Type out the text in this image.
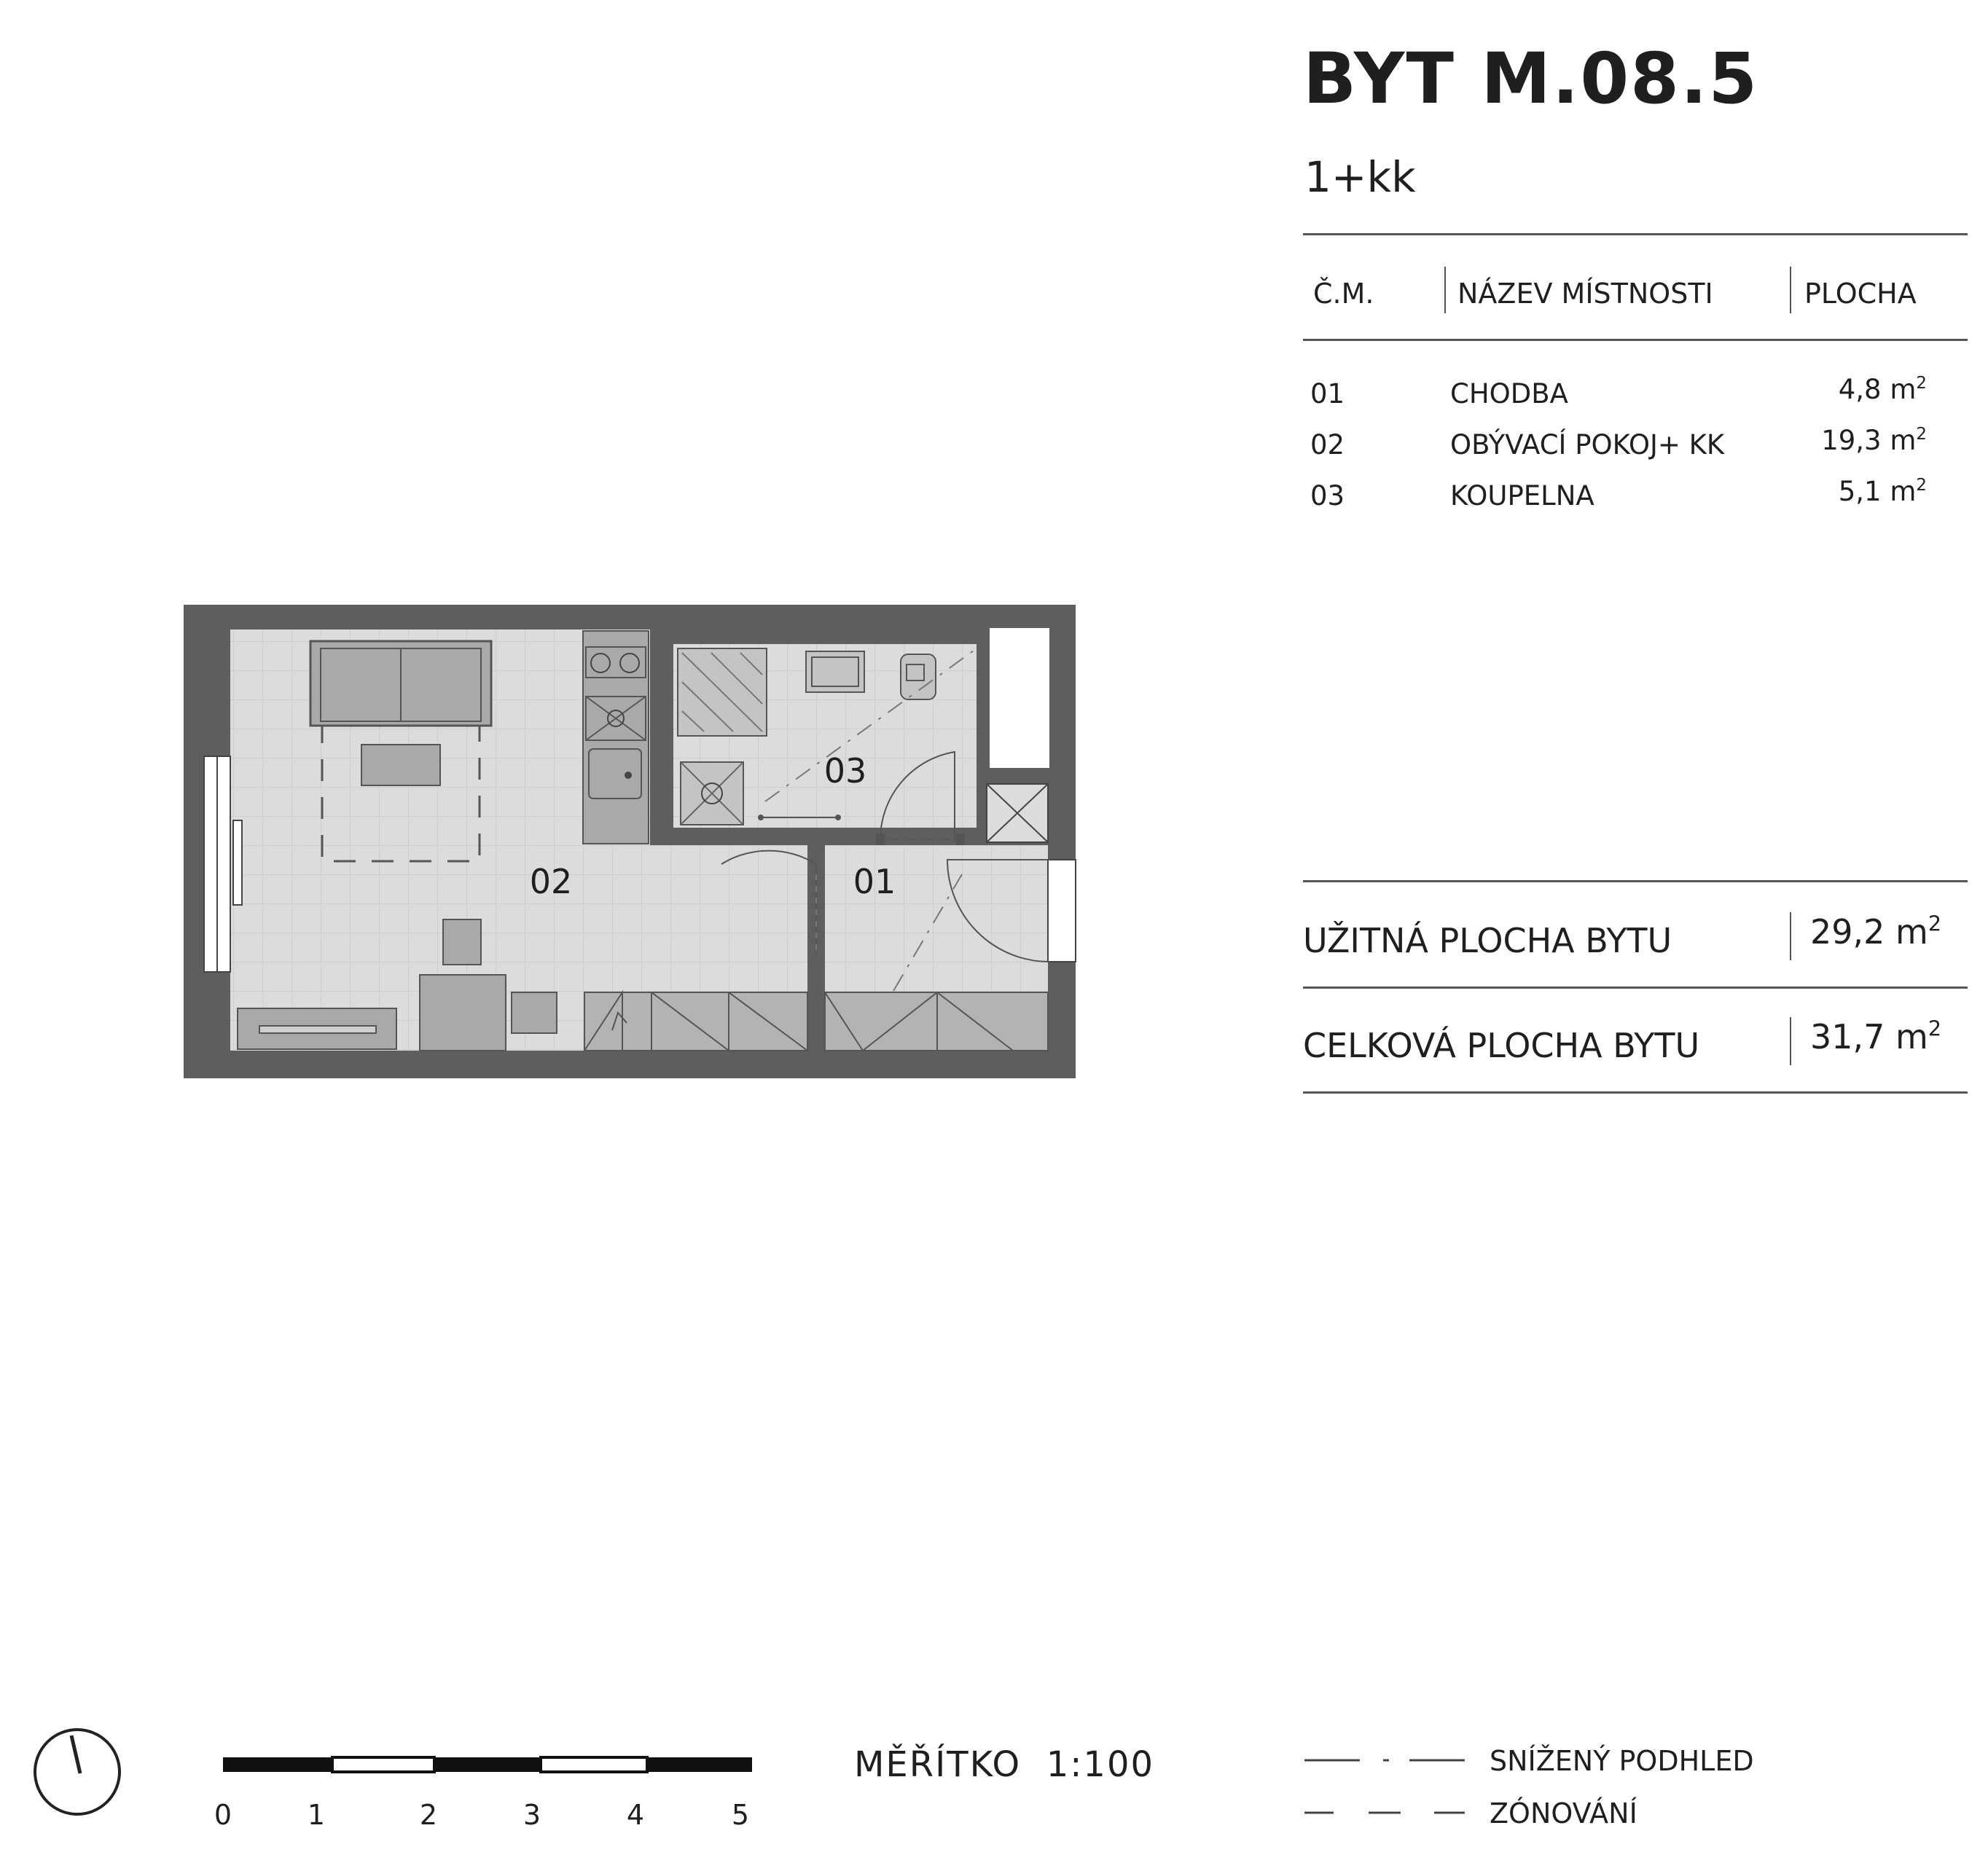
BYT M.08.5
1+kk
Č.M.	NÁZEV MÍSTNOSTI	PLOCHA
01	CHODBA	4,8 $m^2$
02	OBÝVACÍ POKOJ+ KK	19,3 $m^2$
03	KOUPELNA	5,1 $m^2$
UŽITNÁ PLOCHA BYTU	29,2 $m^2$
CELKOVÁ PLOCHA BYTU	31,7 $m^2$
02	01
03
0	1	2	3	4	5
MĚŘÍTKO  1:100	SNÍŽENÝ PODHLED
ZÓNOVÁNÍ
